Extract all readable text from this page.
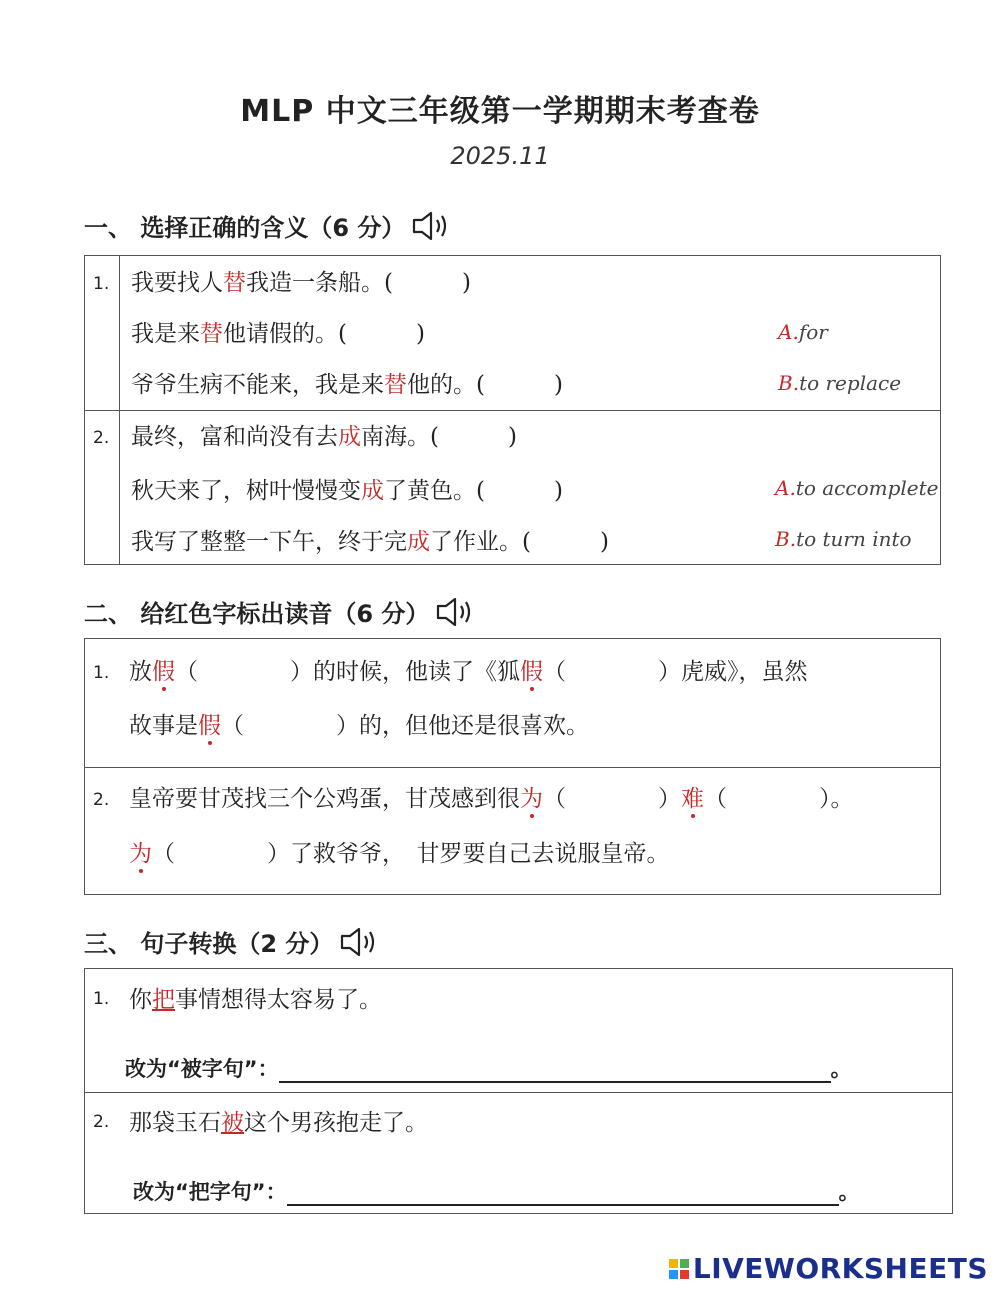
MLP 中文三年级第一学期期末考查卷
2025.11
一、 选择正确的含义（6 分）
1. 我要找人替我造一条船。(　　　)
我是来替他请假的。(　　　)
爷爷生病不能来，我是来替他的。(　　　)
A.for
B.to replace
2. 最终，富和尚没有去成南海。(　　　)
秋天来了，树叶慢慢变成了黄色。(　　　)
我写了整整一下午，终于完成了作业。(　　　)
A.to accomplete
B.to turn into
二、 给红色字标出读音（6 分）
1. 放假（　　　　）的时候，他读了《狐假（　　　　）虎威》，虽然
故事是假（　　　　）的，但他还是很喜欢。
2. 皇帝要甘茂找三个公鸡蛋，甘茂感到很为（　　　　）难（　　　　）。
为（　　　　）了救爷爷，　甘罗要自己去说服皇帝。
三、 句子转换（2 分）
1. 你把事情想得太容易了。
改为“被字句”：	。
2. 那袋玉石被这个男孩抱走了。
改为“把字句”：	。
LIVEWORKSHEETS
